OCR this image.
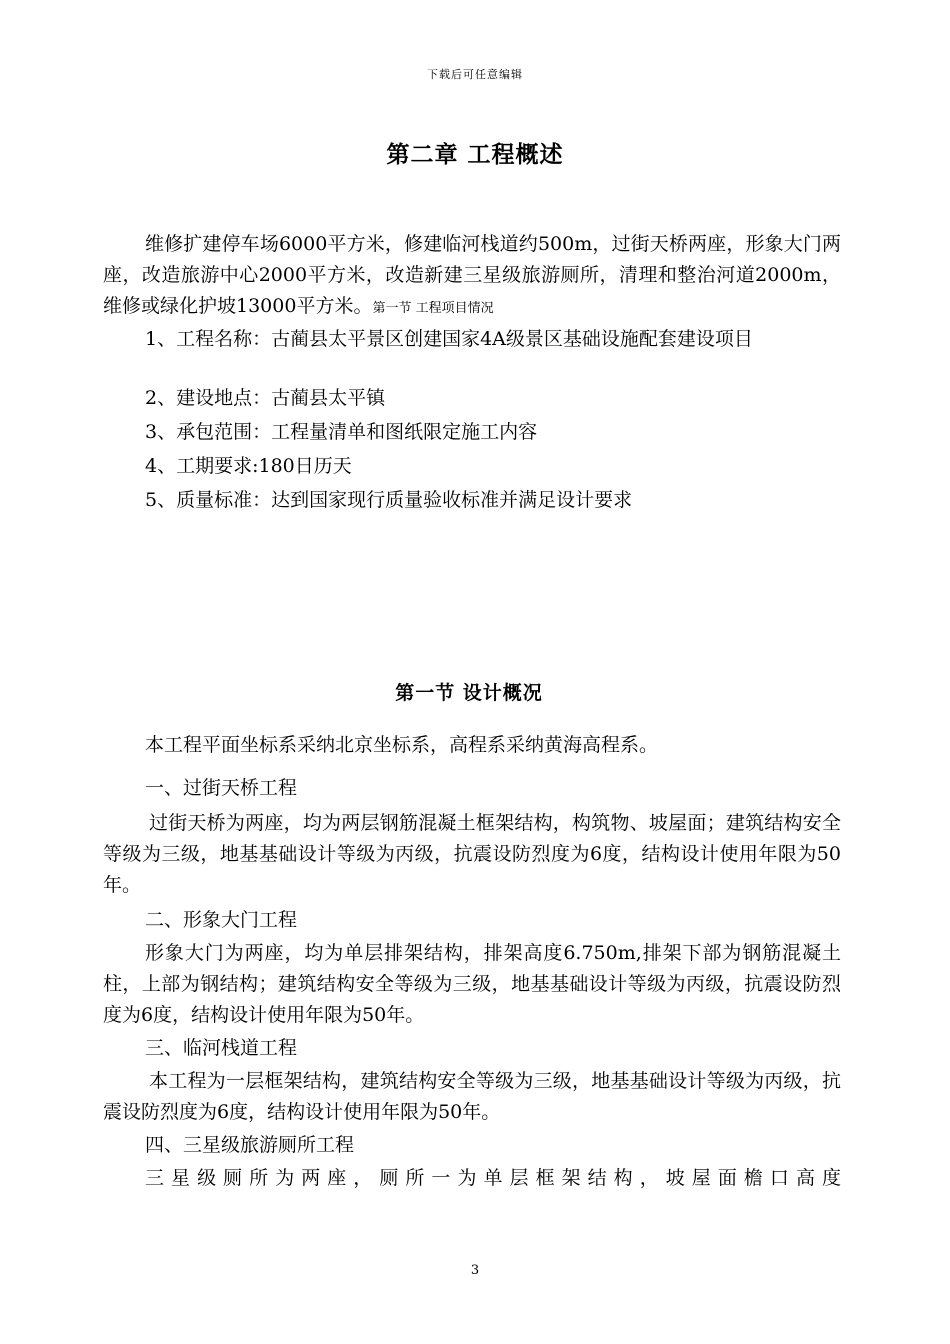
下载后可任意编辑
第二章 工程概述

维修扩建停车场6000平方米，修建临河栈道约500m，过街天桥两座，形象大门两座，改造旅游中心2000平方米，改造新建三星级旅游厕所，清理和整治河道2000m，维修或绿化护坡13000平方米。第一节 工程项目情况

1、工程名称：古蔺县太平景区创建国家4A级景区基础设施配套建设项目

2、建设地点：古蔺县太平镇

3、承包范围：工程量清单和图纸限定施工内容

4、工期要求:180日历天

5、质量标准：达到国家现行质量验收标准并满足设计要求

第一节 设计概况

本工程平面坐标系采纳北京坐标系，高程系采纳黄海高程系。

一、过街天桥工程

过街天桥为两座，均为两层钢筋混凝土框架结构，构筑物、坡屋面；建筑结构安全等级为三级，地基基础设计等级为丙级，抗震设防烈度为6度，结构设计使用年限为50年。

二、形象大门工程

形象大门为两座，均为单层排架结构，排架高度6.750m,排架下部为钢筋混凝土柱，上部为钢结构；建筑结构安全等级为三级，地基基础设计等级为丙级，抗震设防烈度为6度，结构设计使用年限为50年。

三、临河栈道工程

本工程为一层框架结构，建筑结构安全等级为三级，地基基础设计等级为丙级，抗震设防烈度为6度，结构设计使用年限为50年。

四、三星级旅游厕所工程

三星级厕所为两座，厕所一为单层框架结构，坡屋面檐口高度

3
